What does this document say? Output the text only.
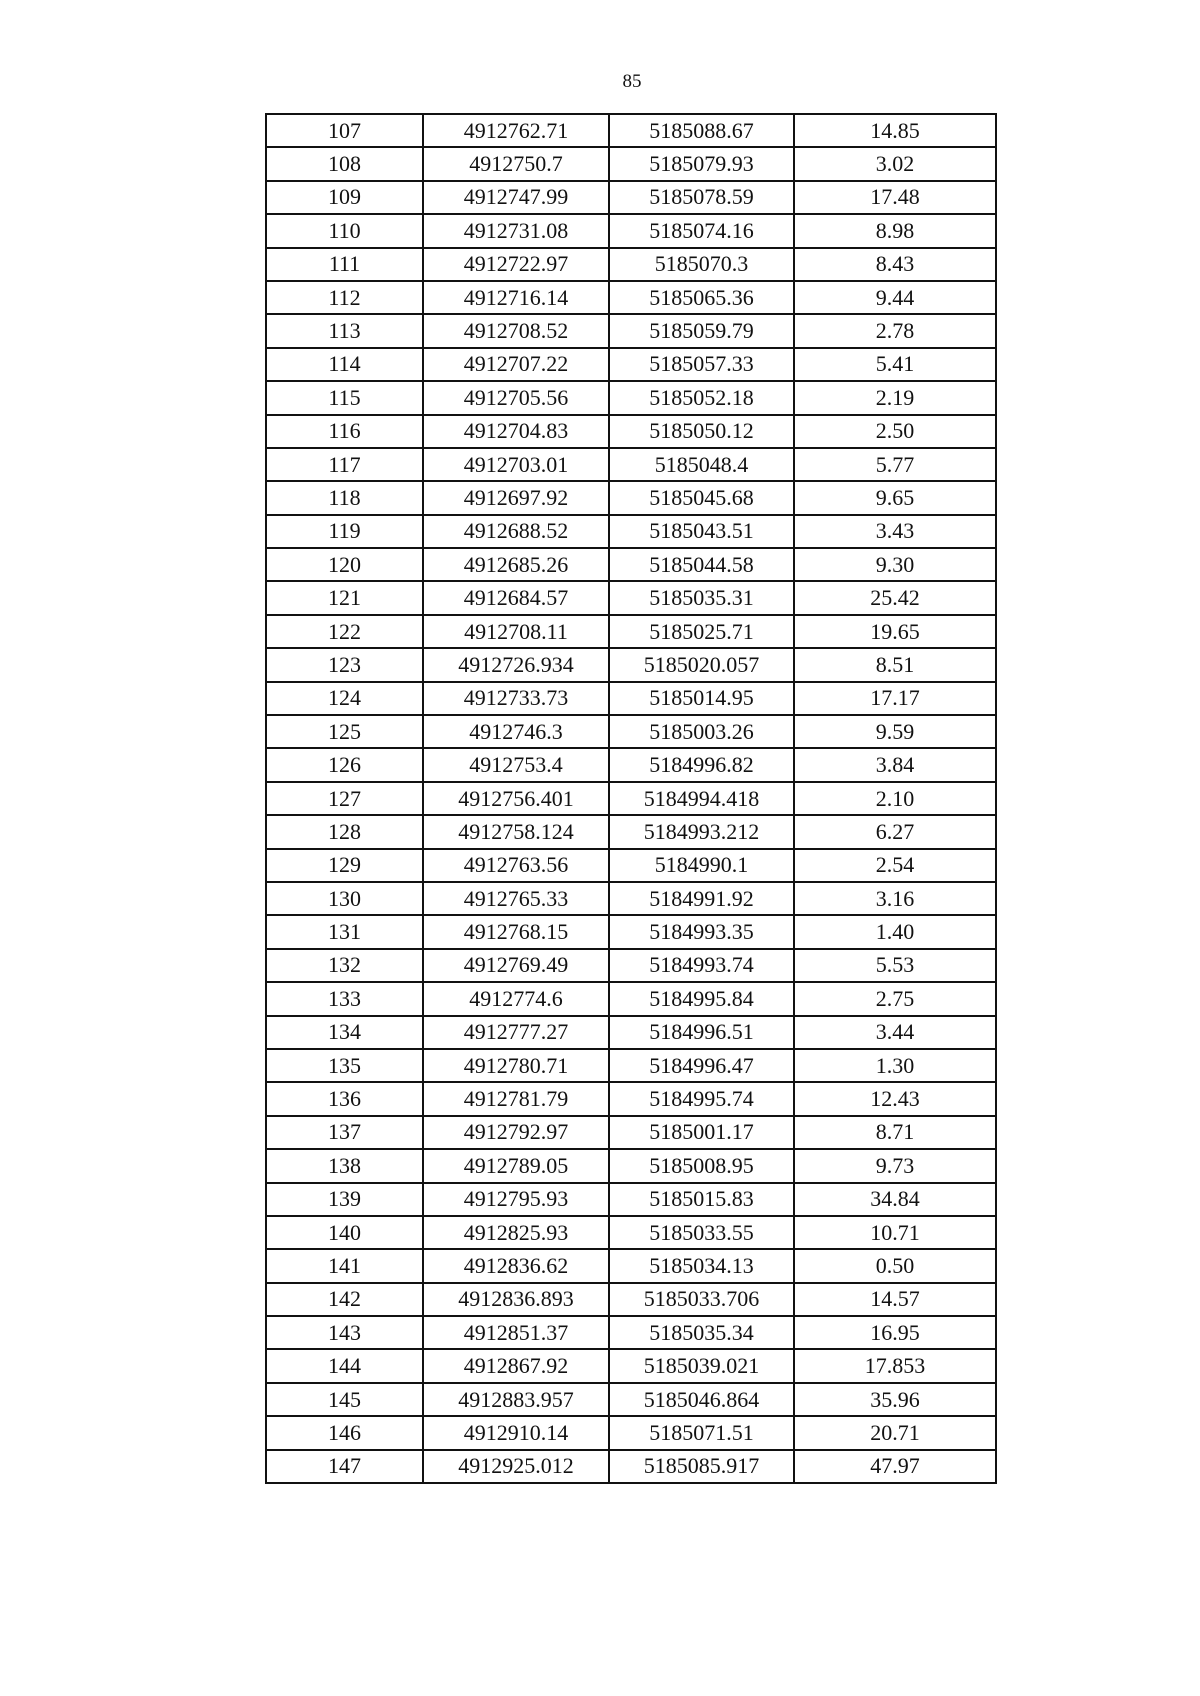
85
107	4912762.71	5185088.67	14.85
108	4912750.7	5185079.93	3.02
109	4912747.99	5185078.59	17.48
110	4912731.08	5185074.16	8.98
111	4912722.97	5185070.3	8.43
112	4912716.14	5185065.36	9.44
113	4912708.52	5185059.79	2.78
114	4912707.22	5185057.33	5.41
115	4912705.56	5185052.18	2.19
116	4912704.83	5185050.12	2.50
117	4912703.01	5185048.4	5.77
118	4912697.92	5185045.68	9.65
119	4912688.52	5185043.51	3.43
120	4912685.26	5185044.58	9.30
121	4912684.57	5185035.31	25.42
122	4912708.11	5185025.71	19.65
123	4912726.934	5185020.057	8.51
124	4912733.73	5185014.95	17.17
125	4912746.3	5185003.26	9.59
126	4912753.4	5184996.82	3.84
127	4912756.401	5184994.418	2.10
128	4912758.124	5184993.212	6.27
129	4912763.56	5184990.1	2.54
130	4912765.33	5184991.92	3.16
131	4912768.15	5184993.35	1.40
132	4912769.49	5184993.74	5.53
133	4912774.6	5184995.84	2.75
134	4912777.27	5184996.51	3.44
135	4912780.71	5184996.47	1.30
136	4912781.79	5184995.74	12.43
137	4912792.97	5185001.17	8.71
138	4912789.05	5185008.95	9.73
139	4912795.93	5185015.83	34.84
140	4912825.93	5185033.55	10.71
141	4912836.62	5185034.13	0.50
142	4912836.893	5185033.706	14.57
143	4912851.37	5185035.34	16.95
144	4912867.92	5185039.021	17.853
145	4912883.957	5185046.864	35.96
146	4912910.14	5185071.51	20.71
147	4912925.012	5185085.917	47.97
